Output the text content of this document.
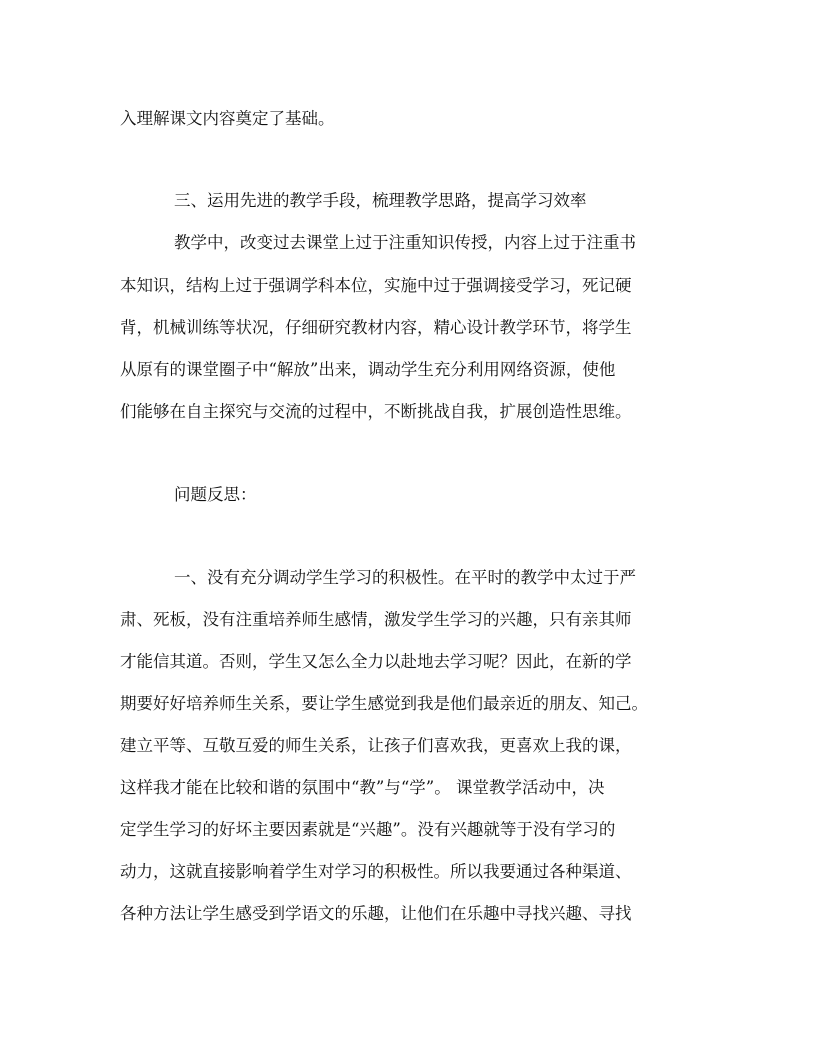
入理解课文内容奠定了基础。

三、运用先进的教学手段，梳理教学思路，提高学习效率

教学中，改变过去课堂上过于注重知识传授，内容上过于注重书

本知识，结构上过于强调学科本位，实施中过于强调接受学习，死记硬

背，机械训练等状况，仔细研究教材内容，精心设计教学环节，将学生

从原有的课堂圈子中“解放”出来，调动学生充分利用网络资源，使他

们能够在自主探究与交流的过程中，不断挑战自我，扩展创造性思维。

问题反思：

一、没有充分调动学生学习的积极性。在平时的教学中太过于严

肃、死板，没有注重培养师生感情，激发学生学习的兴趣，只有亲其师

才能信其道。否则，学生又怎么全力以赴地去学习呢？因此，在新的学

期要好好培养师生关系，要让学生感觉到我是他们最亲近的朋友、知己。

建立平等、互敬互爱的师生关系，让孩子们喜欢我，更喜欢上我的课，

这样我才能在比较和谐的氛围中“教”与“学”。 课堂教学活动中，决

定学生学习的好坏主要因素就是“兴趣”。没有兴趣就等于没有学习的

动力，这就直接影响着学生对学习的积极性。所以我要通过各种渠道、

各种方法让学生感受到学语文的乐趣，让他们在乐趣中寻找兴趣、寻找
